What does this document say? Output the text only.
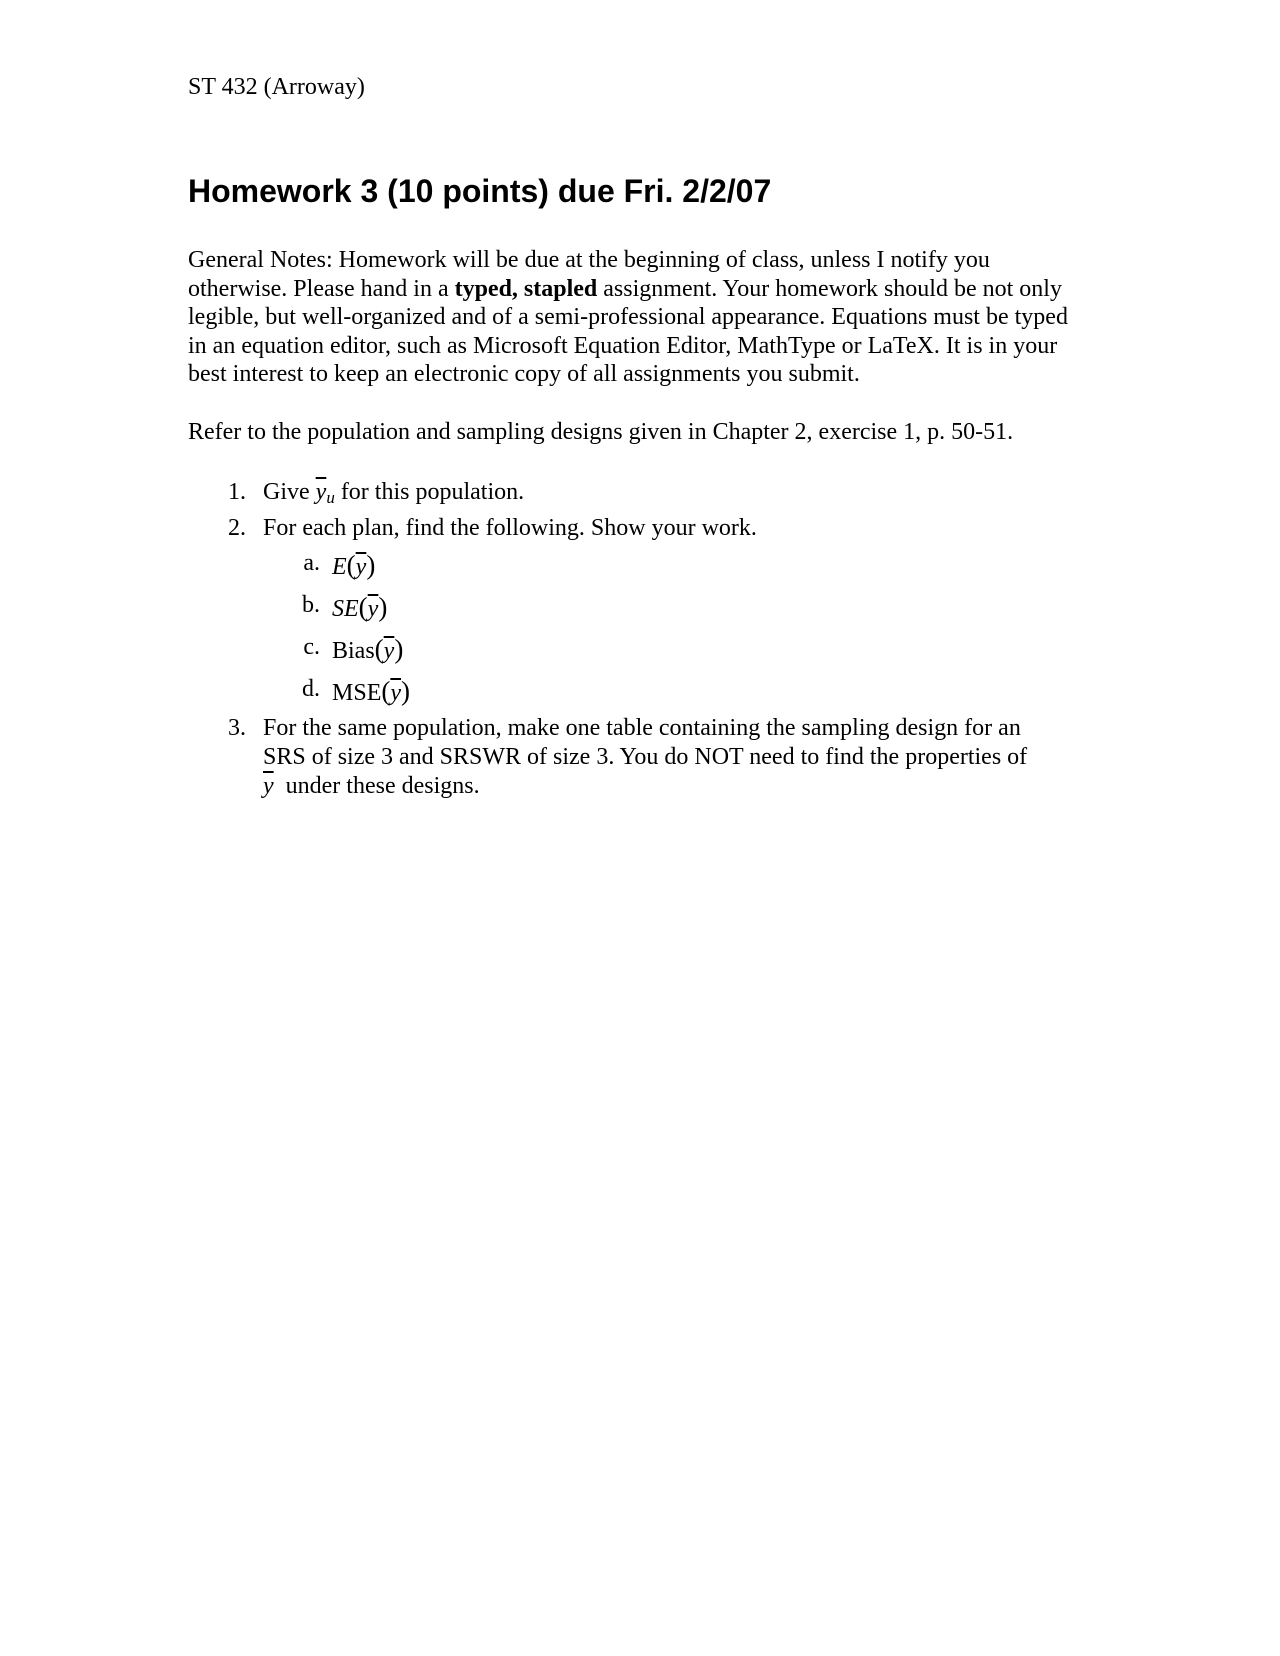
ST 432 (Arroway)
Homework 3 (10 points) due Fri. 2/2/07

General Notes: Homework will be due at the beginning of class, unless I notify you otherwise. Please hand in a typed, stapled assignment. Your homework should be not only legible, but well-organized and of a semi-professional appearance. Equations must be typed in an equation editor, such as Microsoft Equation Editor, MathType or LaTeX. It is in your best interest to keep an electronic copy of all assignments you submit.

Refer to the population and sampling designs given in Chapter 2, exercise 1, p. 50-51.

1. Give $\overline{y}_u$ for this population.
2. For each plan, find the following. Show your work.
a. $E(\overline{y})$
b. $SE(\overline{y})$
c. $Bias(\overline{y})$
d. $MSE(\overline{y})$
3. For the same population, make one table containing the sampling design for an
SRS of size 3 and SRSWR of size 3. You do NOT need to find the properties of
$\overline{y}$ under these designs.
